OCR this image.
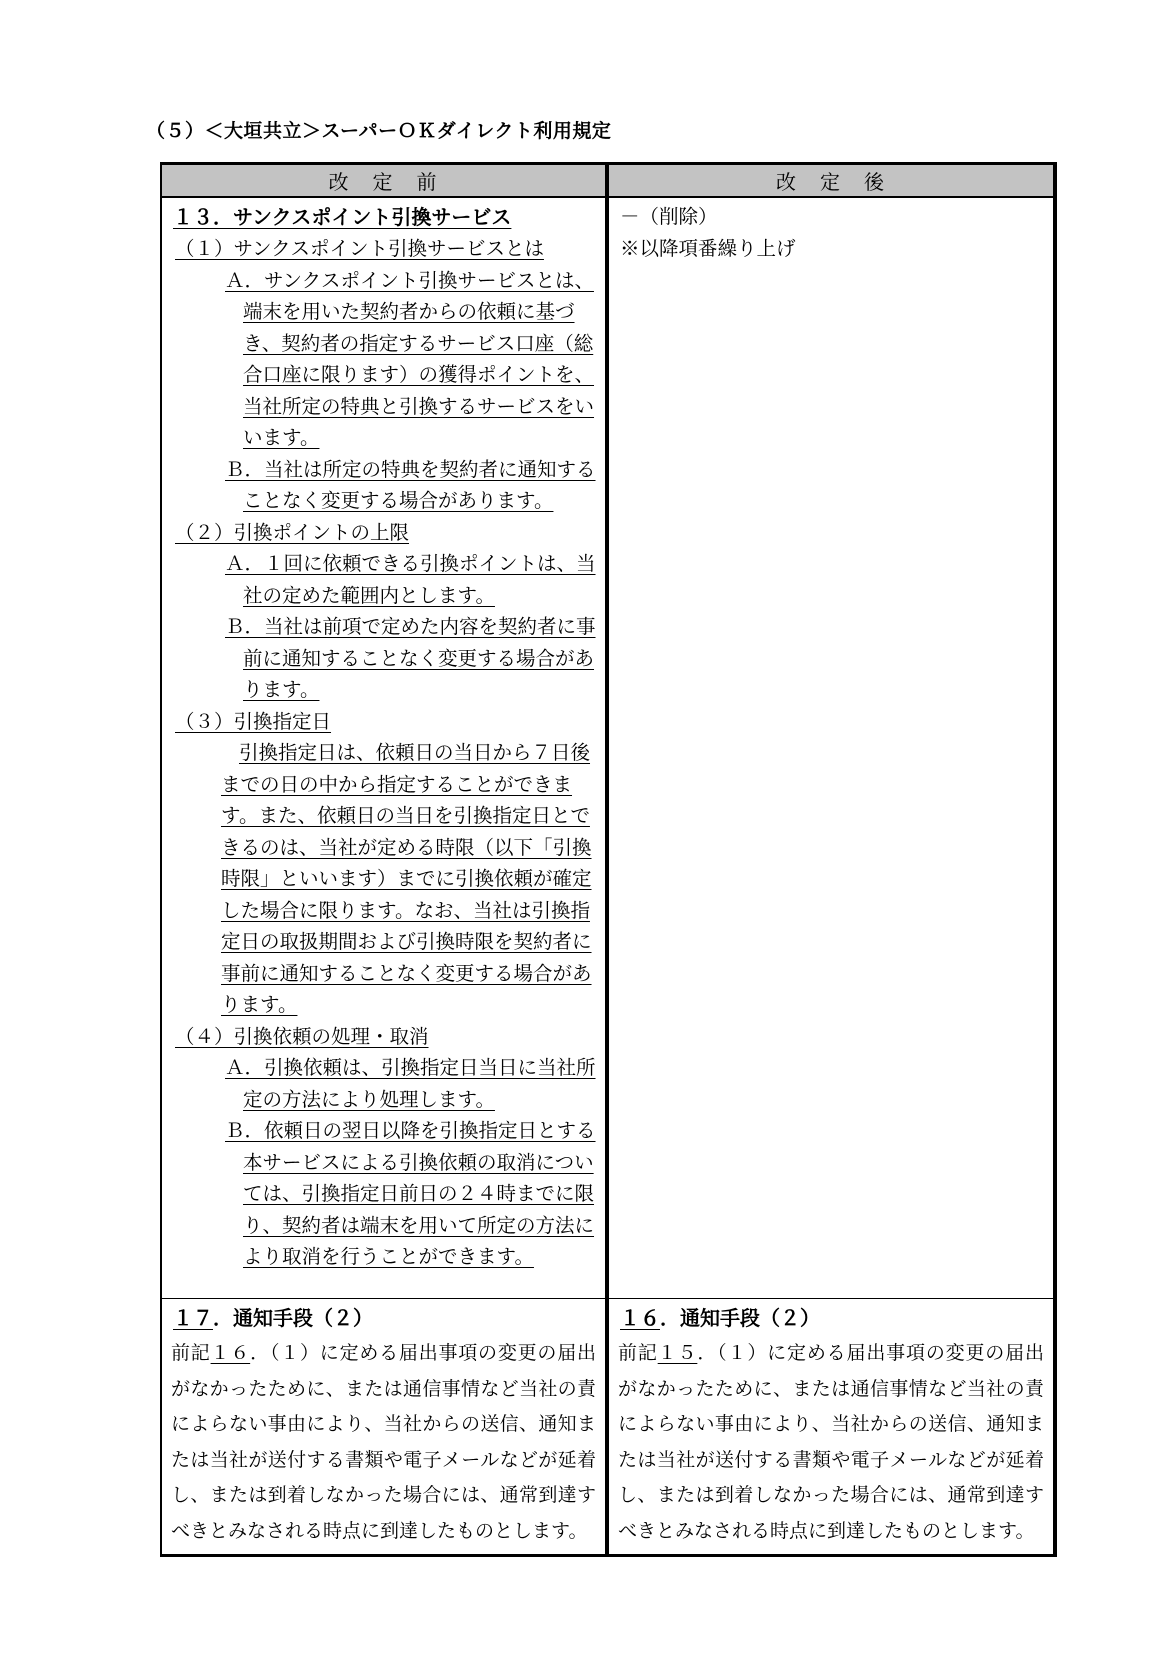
（５）＜大垣共立＞スーパーＯＫダイレクト利用規定
改　定　前	改　定　後

１３．サンクスポイント引換サービス

（１）サンクスポイント引換サービスとは

Ａ．サンクスポイント引換サービスとは、端末を用いた契約者からの依頼に基づき、契約者の指定するサービス口座（総合口座に限ります）の獲得ポイントを、当社所定の特典と引換するサービスをいいます。

Ｂ．当社は所定の特典を契約者に通知することなく変更する場合があります。

（２）引換ポイントの上限

Ａ．１回に依頼できる引換ポイントは、当社の定めた範囲内とします。

Ｂ．当社は前項で定めた内容を契約者に事前に通知することなく変更する場合があります。

（３）引換指定日

引換指定日は、依頼日の当日から７日後までの日の中から指定することができます。また、依頼日の当日を引換指定日とできるのは、当社が定める時限（以下「引換時限」といいます）までに引換依頼が確定した場合に限ります。なお、当社は引換指定日の取扱期間および引換時限を契約者に事前に通知することなく変更する場合があります。

（４）引換依頼の処理・取消

Ａ．引換依頼は、引換指定日当日に当社所定の方法により処理します。

Ｂ．依頼日の翌日以降を引換指定日とする本サービスによる引換依頼の取消については、引換指定日前日の２４時までに限り、契約者は端末を用いて所定の方法により取消を行うことができます。

－（削除）

※以降項番繰り上げ

１７．通知手段（２）

前記１６．（１）に定める届出事項の変更の届出がなかったために、または通信事情など当社の責によらない事由により、当社からの送信、通知または当社が送付する書類や電子メールなどが延着し、または到着しなかった場合には、通常到達すべきとみなされる時点に到達したものとします。

１６．通知手段（２）

前記１５．（１）に定める届出事項の変更の届出がなかったために、または通信事情など当社の責によらない事由により、当社からの送信、通知または当社が送付する書類や電子メールなどが延着し、または到着しなかった場合には、通常到達すべきとみなされる時点に到達したものとします。
